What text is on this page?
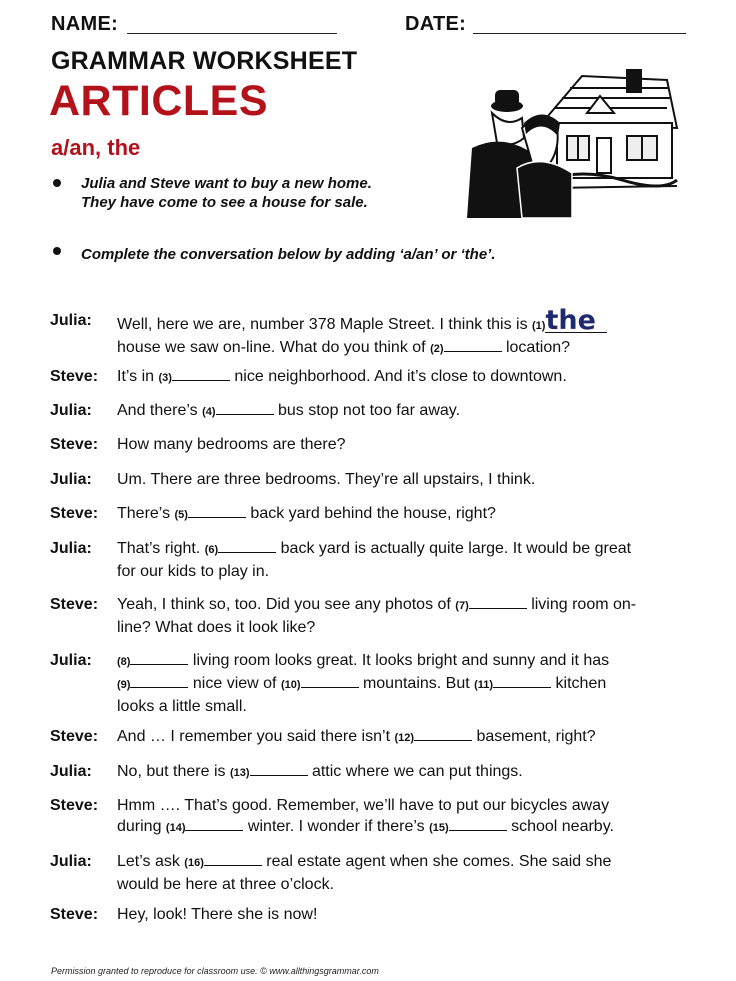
NAME:	DATE:
GRAMMAR WORKSHEET
ARTICLES
a/an, the
Julia and Steve want to buy a new home. They have come to see a house for sale.
Complete the conversation below by adding ‘a/an’ or ‘the’.
Julia: Well, here we are, number 378 Maple Street. I think this is (1)the
house we saw on-line. What do you think of (2)	location?
Steve: It’s in (3)	nice neighborhood. And it’s close to downtown.
Julia: And there’s (4)	bus stop not too far away.
Steve: How many bedrooms are there?
Julia: Um. There are three bedrooms. They’re all upstairs, I think.
Steve: There’s (5)	back yard behind the house, right?
Julia: That’s right. (6)	back yard is actually quite large. It would be great
for our kids to play in.
Steve: Yeah, I think so, too. Did you see any photos of (7)	living room on-
line? What does it look like?
Julia: (8)	living room looks great. It looks bright and sunny and it has
(9)	nice view of (10)	mountains. But (11)	kitchen
looks a little small.
Steve: And … I remember you said there isn’t (12)	basement, right?
Julia: No, but there is (13)	attic where we can put things.
Steve: Hmm …. That’s good. Remember, we’ll have to put our bicycles away
during (14)	winter. I wonder if there’s (15)	school nearby.
Julia: Let’s ask (16)	real estate agent when she comes. She said she
would be here at three o’clock.
Steve: Hey, look! There she is now!
Permission granted to reproduce for classroom use. © www.allthingsgrammar.com
